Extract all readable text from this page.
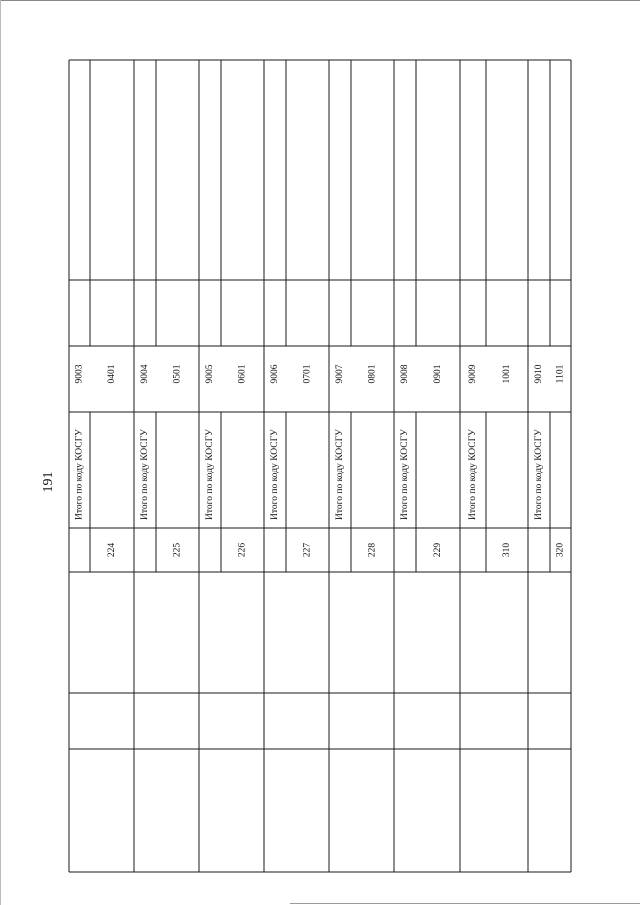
191	Итого по коду КОСГУ
9003 0401
224
Итого по коду КОСГУ
9004 0501
225
Итого по коду КОСГУ
9005 0601
226
Итого по коду КОСГУ
9006 0701
227
Итого по коду КОСГУ
9007 0801
228
Итого по коду КОСГУ
9008 0901
229
Итого по коду КОСГУ
9009	1001
310
Итого по коду КОСГУ
9010 1101
320
